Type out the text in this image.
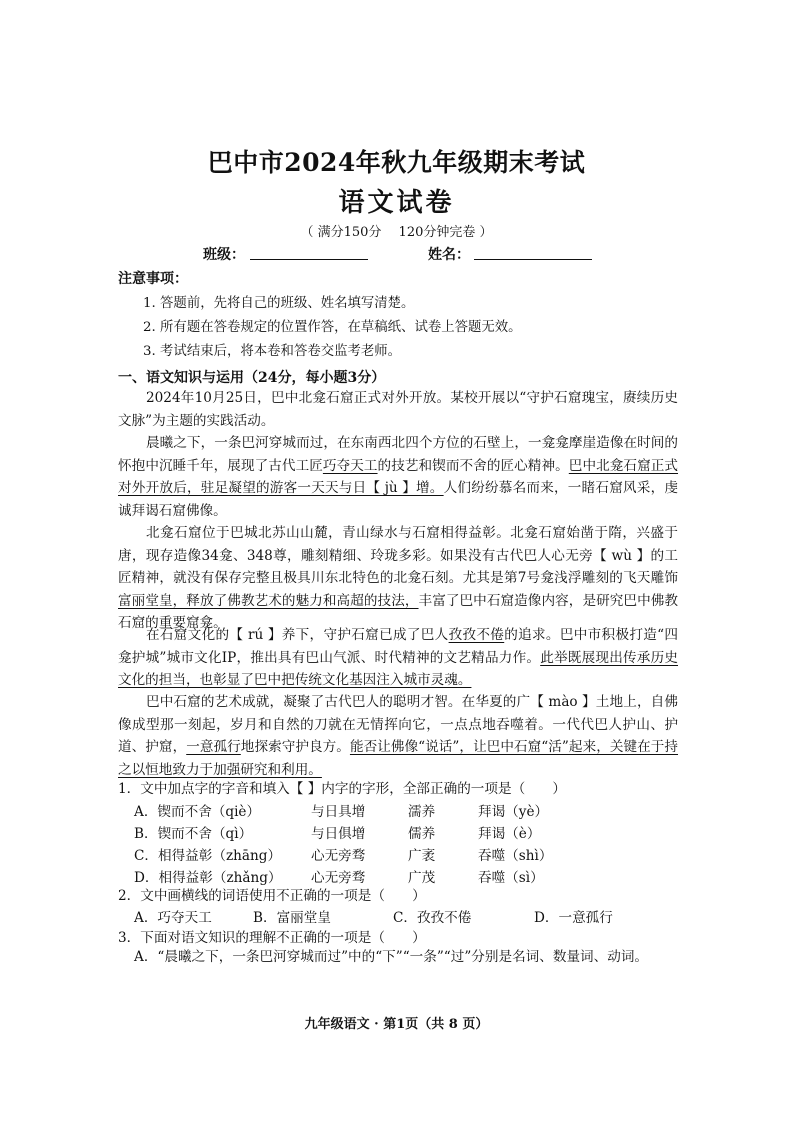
巴中市2024年秋九年级期末考试
语文试卷
（ 满分150分　 120分钟完卷 ）
班级：	姓名：
注意事项：
1. 答题前，先将自己的班级、姓名填写清楚。
2. 所有题在答卷规定的位置作答，在草稿纸、试卷上答题无效。
3. 考试结束后，将本卷和答卷交监考老师。
一、语文知识与运用（24分，每小题3分）
2024年10月25日，巴中北龛石窟正式对外开放。某校开展以“守护石窟瑰宝，赓续历史文脉”为主题的实践活动。
晨曦之下，一条巴河穿城而过，在东南西北四个方位的石壁上，一龛龛摩崖造像在时间的怀抱中沉睡千年，展现了古代工匠巧夺天工的技艺和锲而不舍的匠心精神。巴中北龛石窟正式对外开放后，驻足凝望的游客一天天与日【 jù 】增。人们纷纷慕名而来，一睹石窟风采，虔诚拜谒石窟佛像。
北龛石窟位于巴城北苏山山麓，青山绿水与石窟相得益彰。北龛石窟始凿于隋，兴盛于唐，现存造像34龛、348尊，雕刻精细、玲珑多彩。如果没有古代巴人心无旁【 wù 】的工匠精神，就没有保存完整且极具川东北特色的北龛石刻。尤其是第7号龛浅浮雕刻的飞天雕饰富丽堂皇，释放了佛教艺术的魅力和高超的技法，丰富了巴中石窟造像内容，是研究巴中佛教石窟的重要窟龛。
在石窟文化的【 rú 】养下，守护石窟已成了巴人孜孜不倦的追求。巴中市积极打造“四龛护城”城市文化IP，推出具有巴山气派、时代精神的文艺精品力作。此举既展现出传承历史文化的担当，也彰显了巴中把传统文化基因注入城市灵魂。
巴中石窟的艺术成就，凝聚了古代巴人的聪明才智。在华夏的广【 mào 】土地上，自佛像成型那一刻起，岁月和自然的刀就在无情挥向它，一点点地吞噬着。一代代巴人护山、护道、护窟，一意孤行地探索守护良方。能否让佛像“说话”，让巴中石窟“活”起来，关键在于持之以恒地致力于加强研究和利用。
1．文中加点字的字音和填入【 】内字的字形，全部正确的一项是（　　）
A．锲而不舍（qiè）	与日具增	濡养	拜谒（yè）
B．锲而不舍（qì）	与日俱增	儒养	拜谒（è）
C．相得益彰（zhāng） 心无旁骛	广袤	吞噬（shì）
D．相得益彰（zhǎng） 心无旁骛	广茂	吞噬（sì）
2．文中画横线的词语使用不正确的一项是（　　）
A．巧夺天工	B．富丽堂皇	C．孜孜不倦	D．一意孤行
3．下面对语文知识的理解不正确的一项是（　　）
A．“晨曦之下，一条巴河穿城而过”中的“下”“一条”“过”分别是名词、数量词、动词。
九年级语文 · 第1页（共 8 页）
